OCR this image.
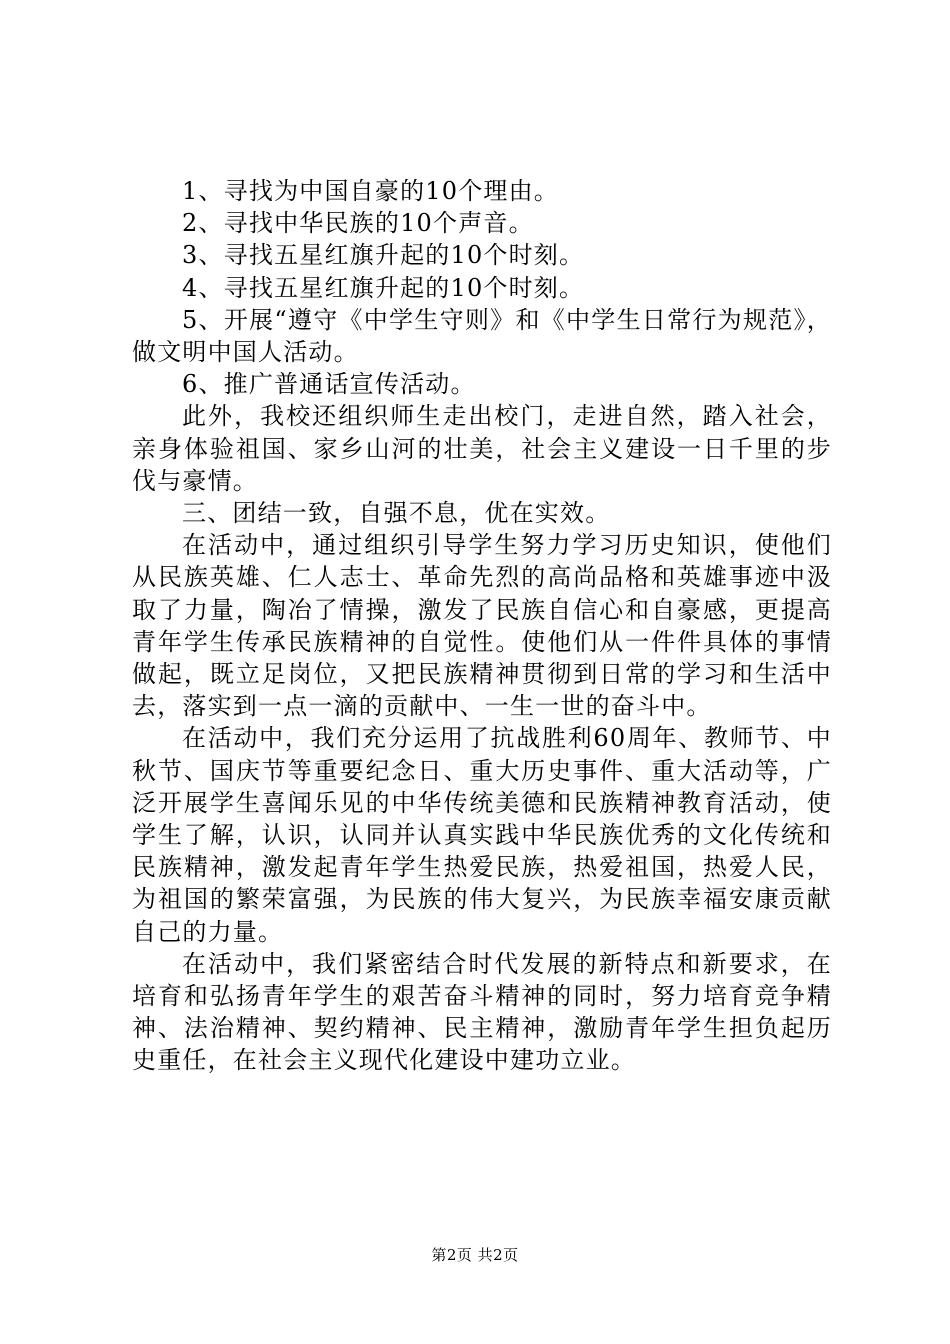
1、寻找为中国自豪的10个理由。

2、寻找中华民族的10个声音。

3、寻找五星红旗升起的10个时刻。

4、寻找五星红旗升起的10个时刻。

5、开展“遵守《中学生守则》和《中学生日常行为规范》，做文明中国人活动。

6、推广普通话宣传活动。

此外，我校还组织师生走出校门，走进自然，踏入社会，亲身体验祖国、家乡山河的壮美，社会主义建设一日千里的步伐与豪情。

三、团结一致，自强不息，优在实效。

在活动中，通过组织引导学生努力学习历史知识，使他们从民族英雄、仁人志士、革命先烈的高尚品格和英雄事迹中汲取了力量，陶冶了情操，激发了民族自信心和自豪感，更提高青年学生传承民族精神的自觉性。使他们从一件件具体的事情做起，既立足岗位，又把民族精神贯彻到日常的学习和生活中去，落实到一点一滴的贡献中、一生一世的奋斗中。

在活动中，我们充分运用了抗战胜利60周年、教师节、中秋节、国庆节等重要纪念日、重大历史事件、重大活动等，广泛开展学生喜闻乐见的中华传统美德和民族精神教育活动，使学生了解，认识，认同并认真实践中华民族优秀的文化传统和民族精神，激发起青年学生热爱民族，热爱祖国，热爱人民，为祖国的繁荣富强，为民族的伟大复兴，为民族幸福安康贡献自己的力量。

在活动中，我们紧密结合时代发展的新特点和新要求，在培育和弘扬青年学生的艰苦奋斗精神的同时，努力培育竞争精神、法治精神、契约精神、民主精神，激励青年学生担负起历史重任，在社会主义现代化建设中建功立业。

第2页 共2页
